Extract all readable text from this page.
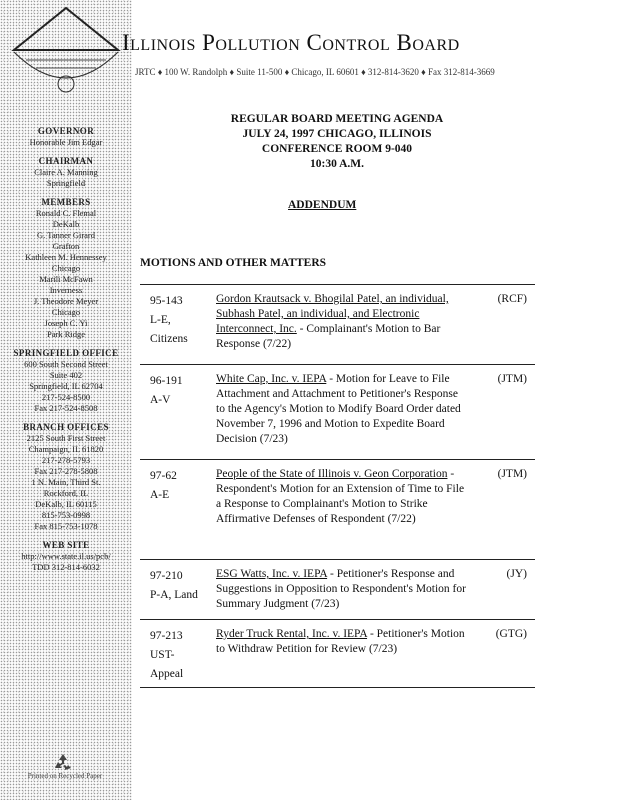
Illinois Pollution Control Board
JRTC ♦ 100 W. Randolph ♦ Suite 11-500 ♦ Chicago, IL 60601 ♦ 312-814-3620 ♦ Fax 312-814-3669
GOVERNOR
Honorable Jim Edgar
CHAIRMAN
Claire A. Manning
Springfield
MEMBERS
Ronald C. Flemal
DeKalb
G. Tanner Girard
Grafton
Kathleen M. Hennessey
Chicago
Marili McFawn
Inverness
J. Theodore Meyer
Chicago
Joseph C. Yi
Park Ridge
SPRINGFIELD OFFICE
600 South Second Street
Suite 402
Springfield, IL 62704
217-524-8500
Fax 217-524-8508
BRANCH OFFICES
2125 South First Street
Champaign, IL 61820
217-278-5793
Fax 217-278-5808
1 N. Main, Third St.
Rockford, IL
DeKalb, IL 60115
815-753-0998
Fax 815-753-1078
WEB SITE
http://www.state.il.us/pcb/
TDD 312-814-6032
Printed on Recycled Paper
REGULAR BOARD MEETING AGENDA
JULY 24, 1997 CHICAGO, ILLINOIS
CONFERENCE ROOM 9-040
10:30 A.M.
ADDENDUM
MOTIONS AND OTHER MATTERS
95-143
L-E,
Citizens
Gordon Krautsack v. Bhogilal Patel, an individual, Subhash Patel, an individual, and Electronic Interconnect, Inc. - Complainant's Motion to Bar Response (7/22)
(RCF)
96-191
A-V
White Cap, Inc. v. IEPA - Motion for Leave to File Attachment and Attachment to Petitioner's Response to the Agency's Motion to Modify Board Order dated November 7, 1996 and Motion to Expedite Board Decision (7/23)
(JTM)
97-62
A-E
People of the State of Illinois v. Geon Corporation - Respondent's Motion for an Extension of Time to File a Response to Complainant's Motion to Strike Affirmative Defenses of Respondent (7/22)
(JTM)
97-210
P-A, Land
ESG Watts, Inc. v. IEPA - Petitioner's Response and Suggestions in Opposition to Respondent's Motion for Summary Judgment (7/23)
(JY)
97-213
UST-
Appeal
Ryder Truck Rental, Inc. v. IEPA - Petitioner's Motion to Withdraw Petition for Review (7/23)
(GTG)
